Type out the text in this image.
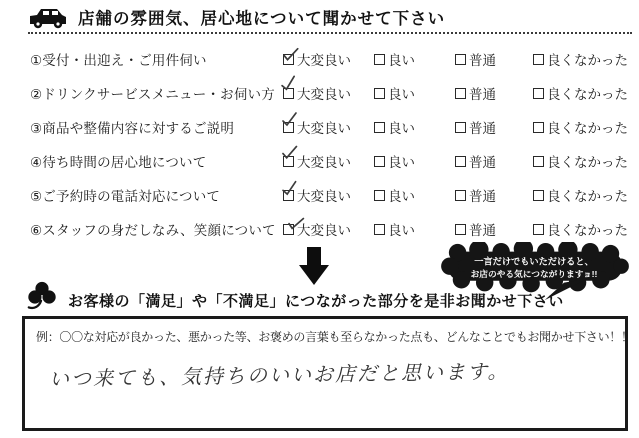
店舗の雰囲気、居心地について聞かせて下さい
①受付・出迎え・ご用件伺い	大変良い	良い	普通	良くなかった
②ドリンクサービスメニュー・お伺い方	大変良い	良い	普通	良くなかった
③商品や整備内容に対するご説明	大変良い	良い	普通	良くなかった
④待ち時間の居心地について	大変良い	良い	普通	良くなかった
⑤ご予約時の電話対応について	大変良い	良い	普通	良くなかった
⑥スタッフの身だしなみ、笑顔について	大変良い	良い	普通	良くなかった
一言だけでもいただけると、
お店のやる気につながりますョ!!
お客様の「満足」や「不満足」につながった部分を是非お聞かせ下さい
例：〇〇な対応が良かった、悪かった等、お褒めの言葉も至らなかった点も、どんなことでもお聞かせ下さい！！
いつ来ても、気持ちのいいお店だと思います。
